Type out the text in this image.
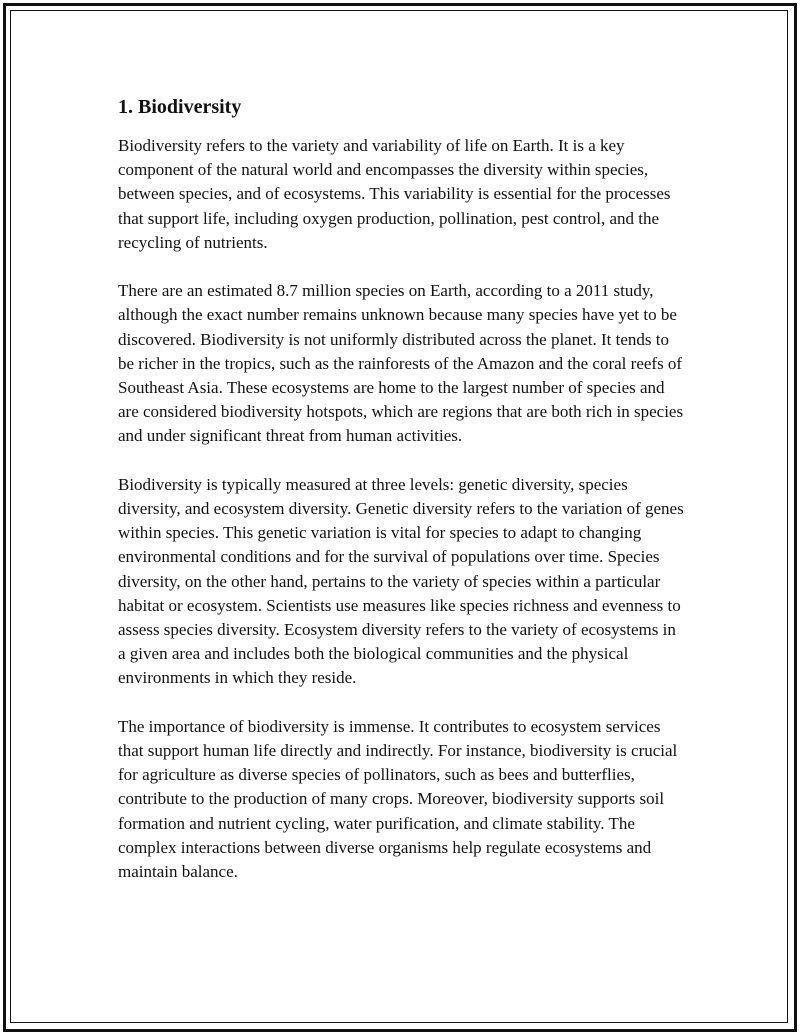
1. Biodiversity

Biodiversity refers to the variety and variability of life on Earth. It is a key component of the natural world and encompasses the diversity within species, between species, and of ecosystems. This variability is essential for the processes that support life, including oxygen production, pollination, pest control, and the recycling of nutrients.

There are an estimated 8.7 million species on Earth, according to a 2011 study, although the exact number remains unknown because many species have yet to be discovered. Biodiversity is not uniformly distributed across the planet. It tends to be richer in the tropics, such as the rainforests of the Amazon and the coral reefs of Southeast Asia. These ecosystems are home to the largest number of species and are considered biodiversity hotspots, which are regions that are both rich in species and under significant threat from human activities.

Biodiversity is typically measured at three levels: genetic diversity, species diversity, and ecosystem diversity. Genetic diversity refers to the variation of genes within species. This genetic variation is vital for species to adapt to changing environmental conditions and for the survival of populations over time. Species diversity, on the other hand, pertains to the variety of species within a particular habitat or ecosystem. Scientists use measures like species richness and evenness to assess species diversity. Ecosystem diversity refers to the variety of ecosystems in a given area and includes both the biological communities and the physical environments in which they reside.

The importance of biodiversity is immense. It contributes to ecosystem services that support human life directly and indirectly. For instance, biodiversity is crucial for agriculture as diverse species of pollinators, such as bees and butterflies, contribute to the production of many crops. Moreover, biodiversity supports soil formation and nutrient cycling, water purification, and climate stability. The complex interactions between diverse organisms help regulate ecosystems and maintain balance.
